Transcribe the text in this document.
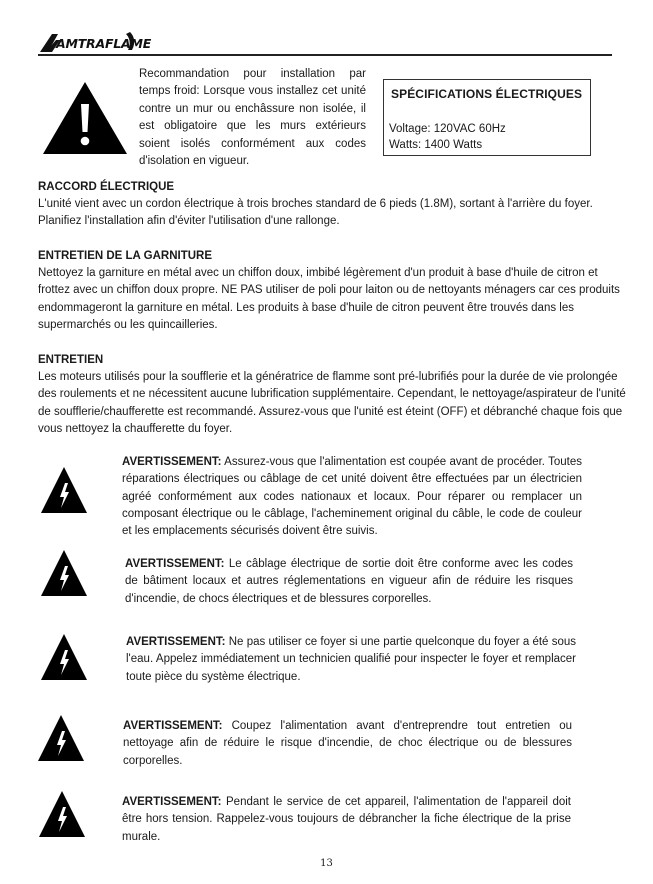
AMTRAFLAME
Recommandation pour installation par temps froid: Lorsque vous installez cet unité contre un mur ou enchâssure non isolée, il est obligatoire que les murs extérieurs soient isolés conformément aux codes d'isolation en vigueur.
SPÉCIFICATIONS ÉLECTRIQUES
Voltage: 120VAC 60Hz
Watts: 1400 Watts
RACCORD ÉLECTRIQUE

L'unité vient avec un cordon électrique à trois broches standard de 6 pieds (1.8M), sortant à l'arrière du foyer. Planifiez l'installation afin d'éviter l'utilisation d'une rallonge.

ENTRETIEN DE LA GARNITURE

Nettoyez la garniture en métal avec un chiffon doux, imbibé légèrement d'un produit à base d'huile de citron et frottez avec un chiffon doux propre. NE PAS utiliser de poli pour laiton ou de nettoyants ménagers car ces produits endommageront la garniture en métal. Les produits à base d'huile de citron peuvent être trouvés dans les supermarchés ou les quincailleries.

ENTRETIEN

Les moteurs utilisés pour la soufflerie et la génératrice de flamme sont pré-lubrifiés pour la durée de vie prolongée des roulements et ne nécessitent aucune lubrification supplémentaire. Cependant, le nettoyage/aspirateur de l'unité de soufflerie/chaufferette est recommandé. Assurez-vous que l'unité est éteint (OFF) et débranché chaque fois que vous nettoyez la chaufferette du foyer.

AVERTISSEMENT: Assurez-vous que l'alimentation est coupée avant de procéder. Toutes réparations électriques ou câblage de cet unité doivent être effectuées par un électricien agréé conformément aux codes nationaux et locaux. Pour réparer ou remplacer un composant électrique ou le câblage, l'acheminement original du câble, le code de couleur et les emplacements sécurisés doivent être suivis.
AVERTISSEMENT: Le câblage électrique de sortie doit être conforme avec les codes de bâtiment locaux et autres réglementations en vigueur afin de réduire les risques d'incendie, de chocs électriques et de blessures corporelles.
AVERTISSEMENT: Ne pas utiliser ce foyer si une partie quelconque du foyer a été sous l'eau. Appelez immédiatement un technicien qualifié pour inspecter le foyer et remplacer toute pièce du système électrique.
AVERTISSEMENT: Coupez l'alimentation avant d'entreprendre tout entretien ou nettoyage afin de réduire le risque d'incendie, de choc électrique ou de blessures corporelles.
AVERTISSEMENT: Pendant le service de cet appareil, l'alimentation de l'appareil doit être hors tension. Rappelez-vous toujours de débrancher la fiche électrique de la prise murale.
13
